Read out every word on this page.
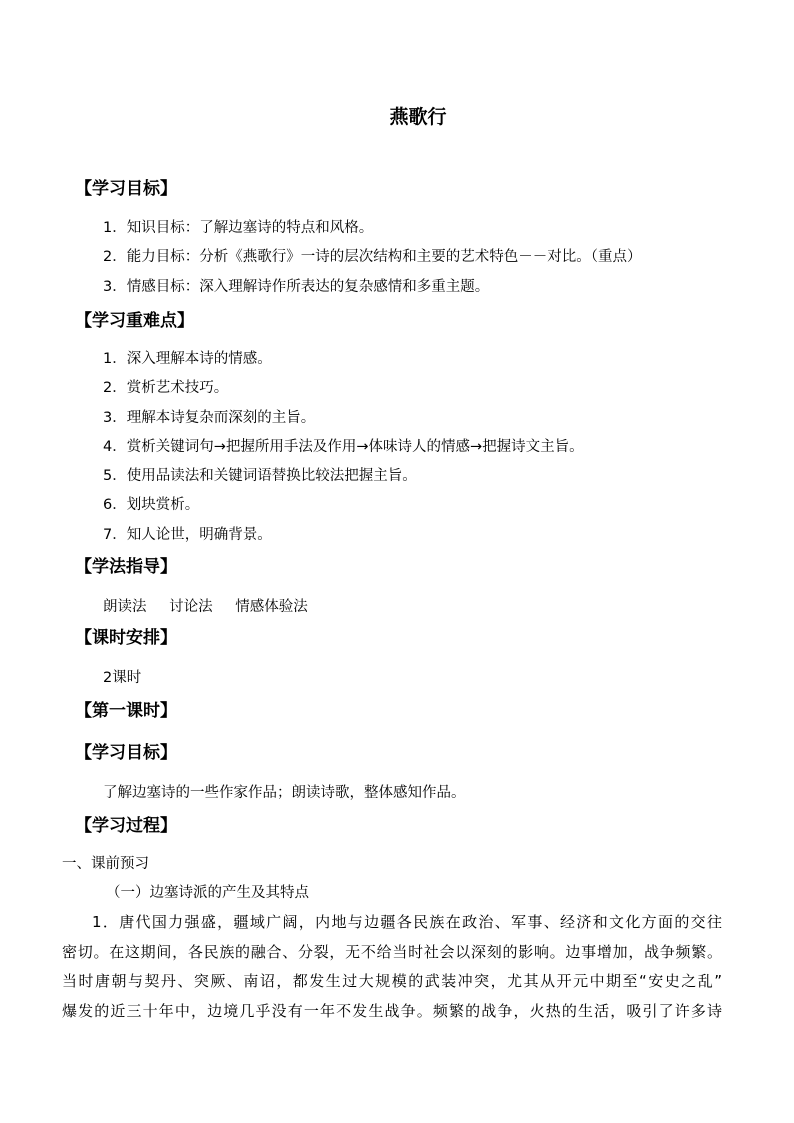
燕歌行
【学习目标】
1．知识目标：了解边塞诗的特点和风格。
2．能力目标：分析《燕歌行》一诗的层次结构和主要的艺术特色－－对比。（重点）
3．情感目标：深入理解诗作所表达的复杂感情和多重主题。
【学习重难点】
1．深入理解本诗的情感。
2．赏析艺术技巧。
3．理解本诗复杂而深刻的主旨。
4．赏析关键词句→把握所用手法及作用→体味诗人的情感→把握诗文主旨。
5．使用品读法和关键词语替换比较法把握主旨。
6．划块赏析。
7．知人论世，明确背景。
【学法指导】
朗读法 讨论法 情感体验法
【课时安排】
2课时
【第一课时】
【学习目标】
了解边塞诗的一些作家作品；朗读诗歌，整体感知作品。
【学习过程】
一、课前预习
（一）边塞诗派的产生及其特点
1．唐代国力强盛，疆域广阔，内地与边疆各民族在政治、军事、经济和文化方面的交往
密切。在这期间，各民族的融合、分裂，无不给当时社会以深刻的影响。边事增加，战争频繁。
当时唐朝与契丹、突厥、南诏，都发生过大规模的武装冲突，尤其从开元中期至“安史之乱”
爆发的近三十年中，边境几乎没有一年不发生战争。频繁的战争，火热的生活，吸引了许多诗
